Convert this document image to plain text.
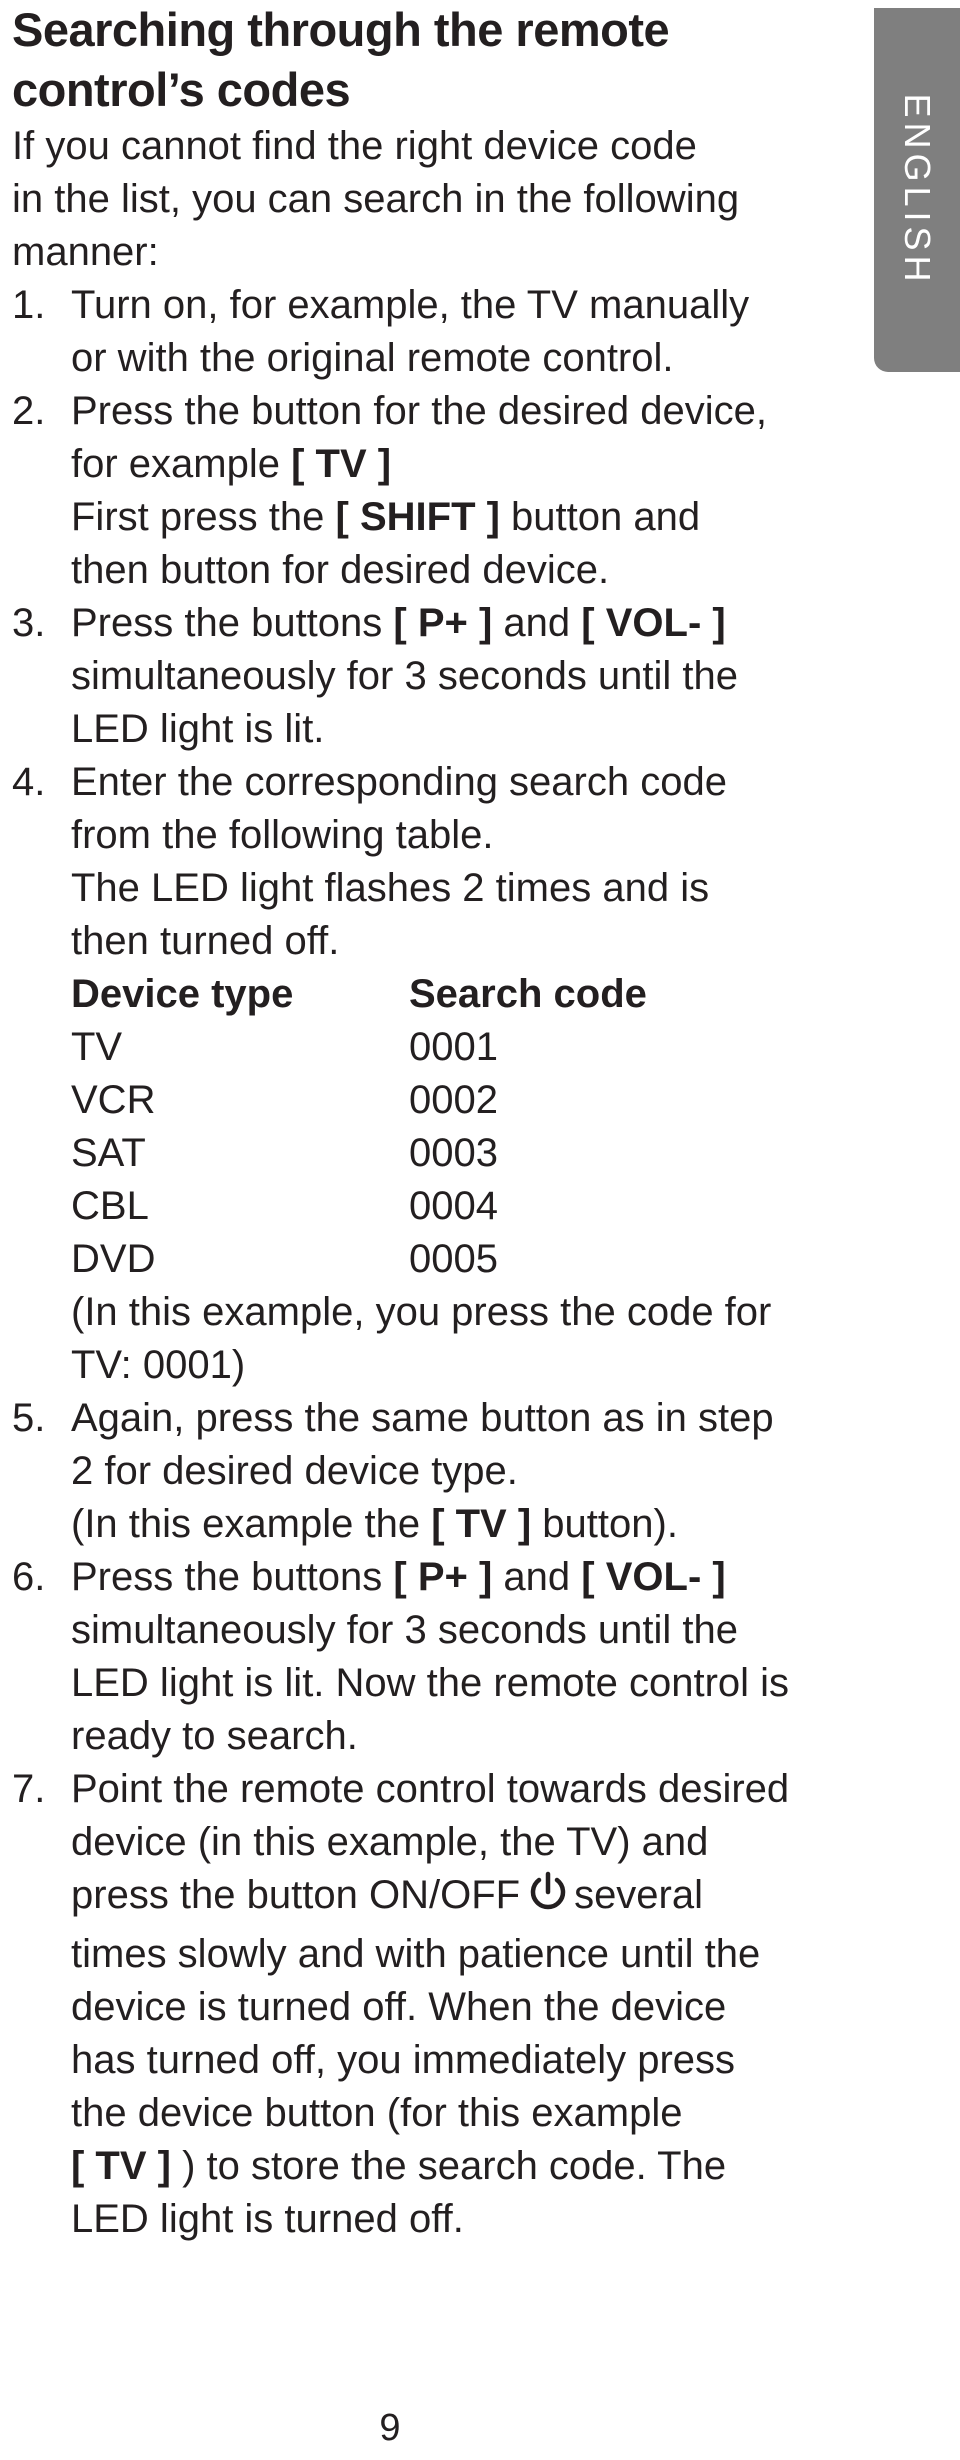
ENGLISH
Searching through the remote
control’s codes
If you cannot find the right device code
in the list, you can search in the following
manner:
1. Turn on, for example, the TV manually

or with the original remote control.

2. Press the button for the desired device,

for example [ TV ]

First press the [ SHIFT ] button and

then button for desired device.

3. Press the buttons [ P+ ] and [ VOL- ]

simultaneously for 3 seconds until the

LED light is lit.

4. Enter the corresponding search code

from the following table.

The LED light flashes 2 times and is

then turned off.

Device type	Search code
TV	0001
VCR	0002
SAT	0003
CBL	0004
DVD	0005
(In this example, you press the code for
TV: 0001)
5. Again, press the same button as in step

2 for desired device type.

(In this example the [ TV ] button).

6. Press the buttons [ P+ ] and [ VOL- ]

simultaneously for 3 seconds until the

LED light is lit. Now the remote control is

ready to search.

7. Point the remote control towards desired

device (in this example, the TV) and

press the button ON/OFF several

times slowly and with patience until the

device is turned off. When the device

has turned off, you immediately press

the device button (for this example

[ TV ] ) to store the search code. The

LED light is turned off.

9
